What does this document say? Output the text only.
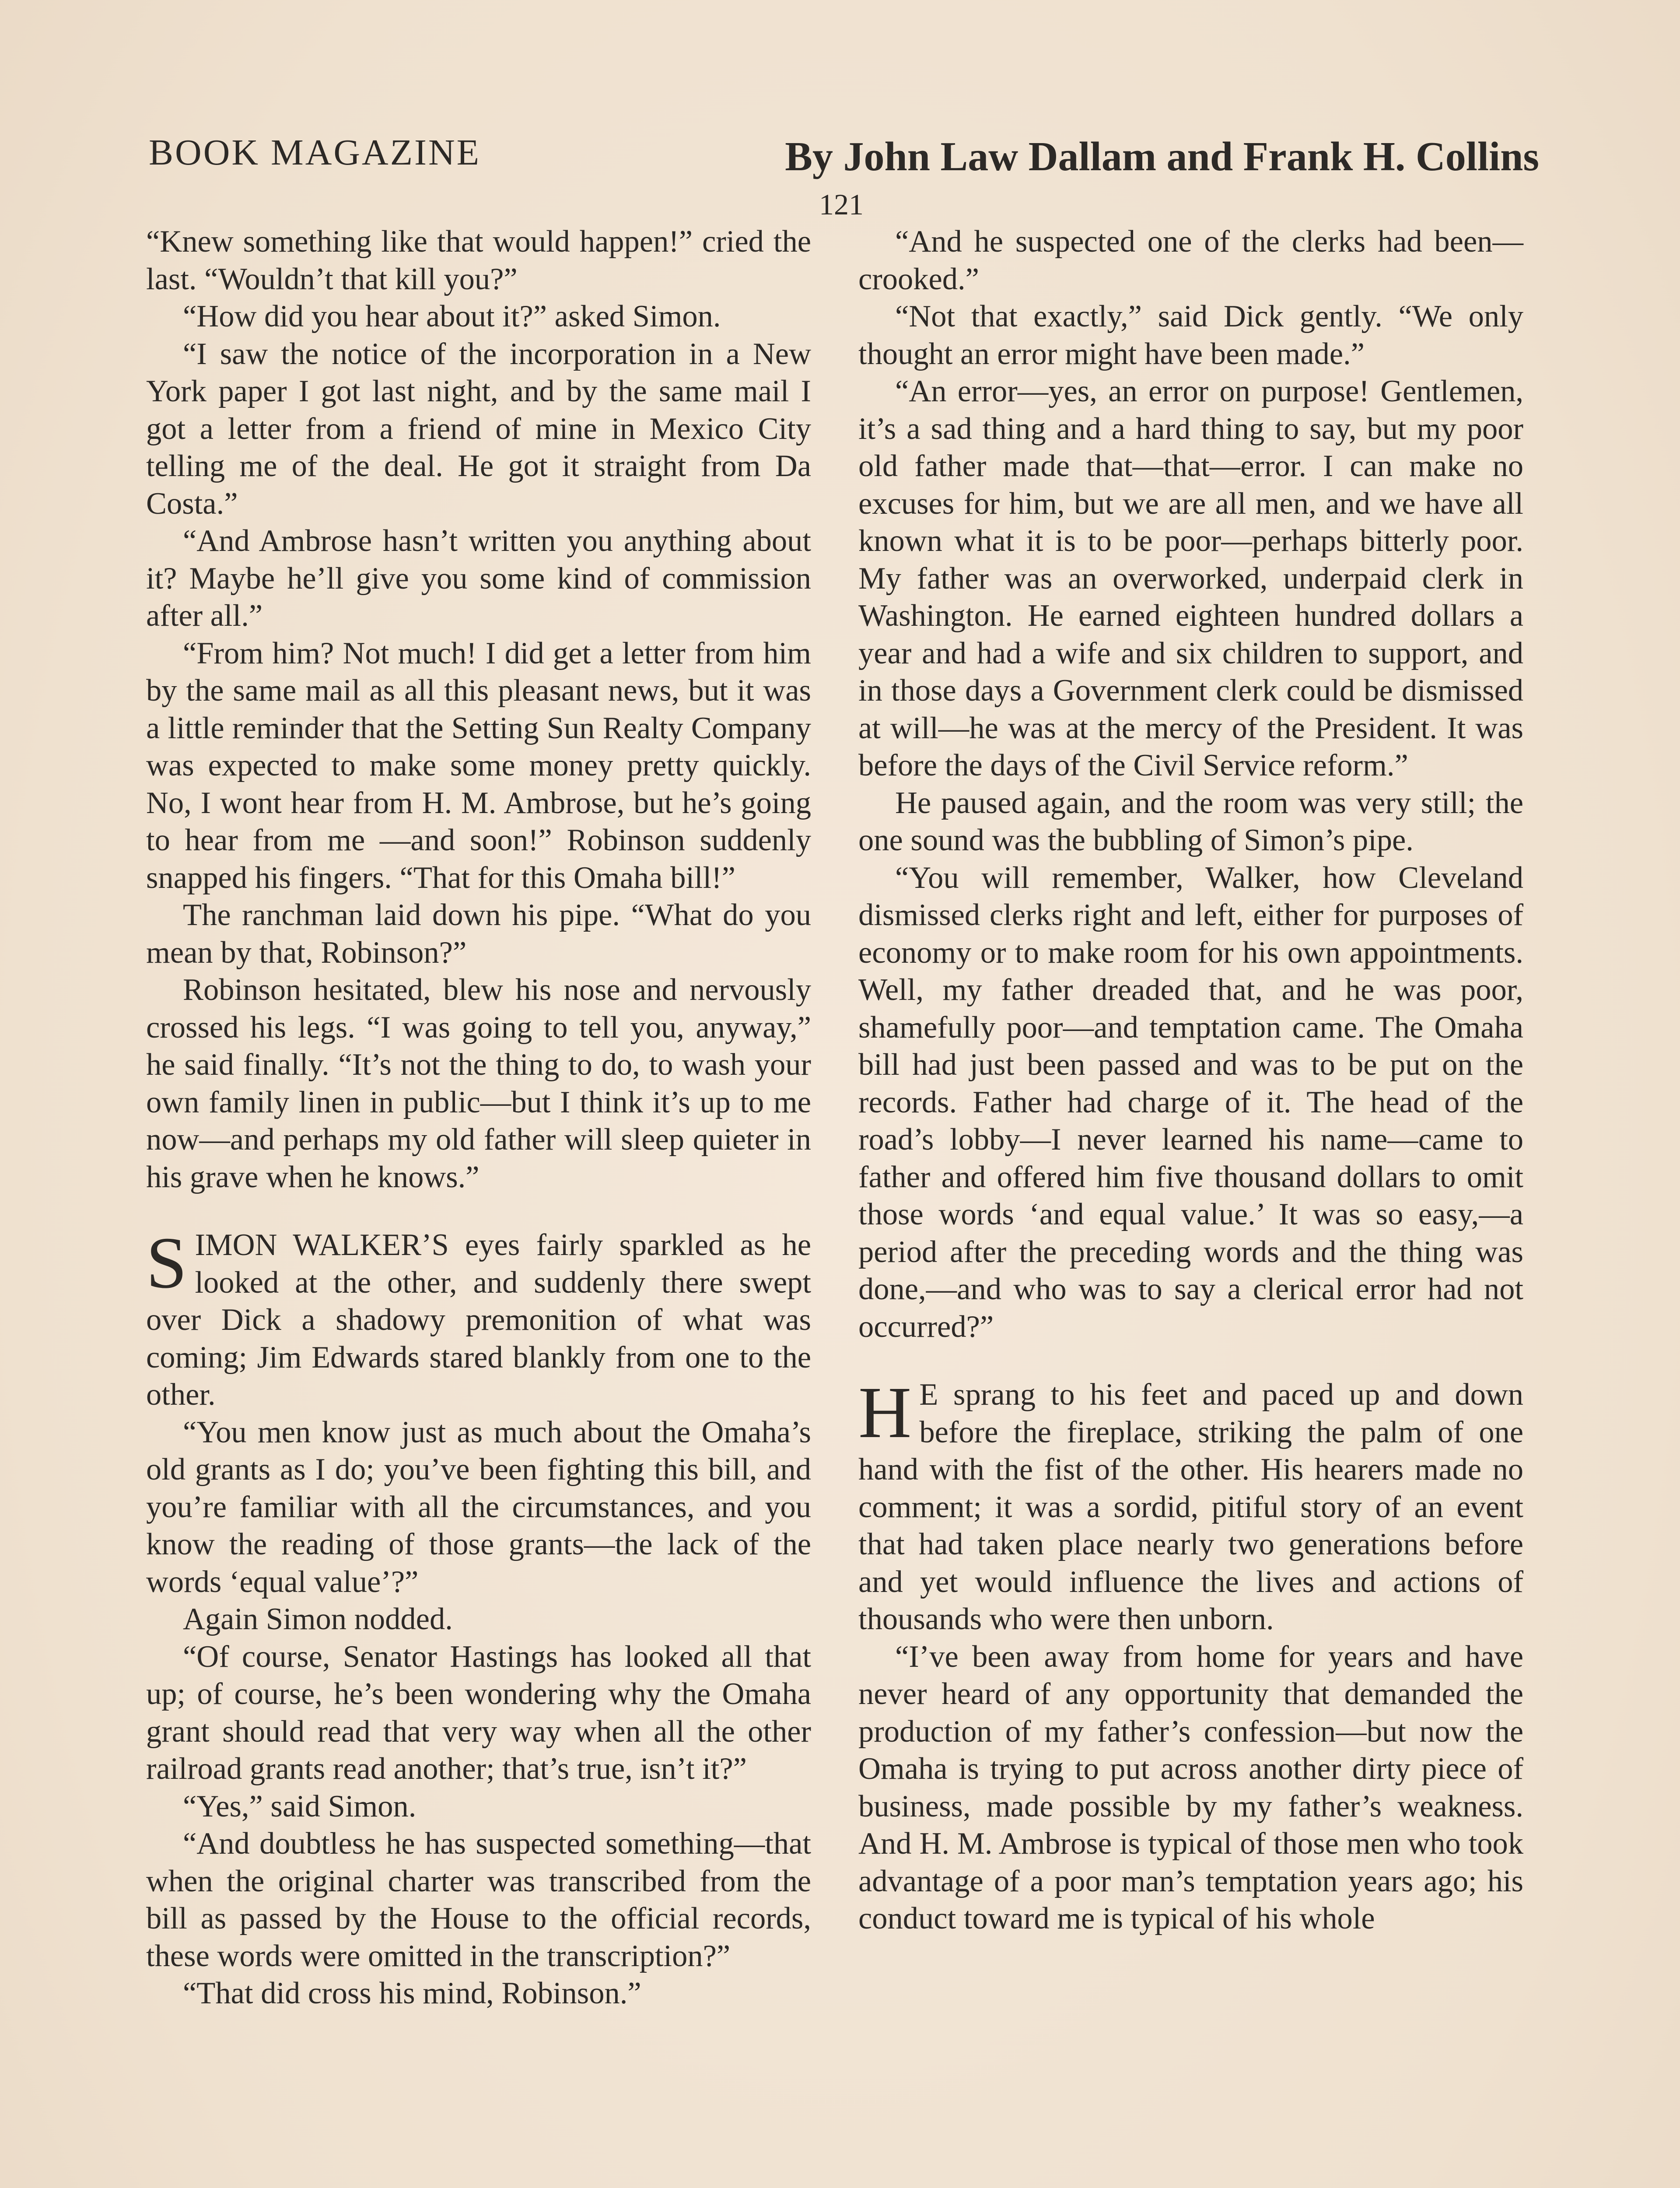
BOOK MAGAZINE	By John Law Dallam and Frank H. Collins
121

“Knew something like that would happen!” cried the last. “Wouldn’t that kill you?”

“How did you hear about it?” asked Simon.

“I saw the notice of the incorporation in a New York paper I got last night, and by the same mail I got a letter from a friend of mine in Mexico City telling me of the deal. He got it straight from Da Costa.”

“And Ambrose hasn’t written you anything about it? Maybe he’ll give you some kind of commission after all.”

“From him? Not much! I did get a letter from him by the same mail as all this pleasant news, but it was a little reminder that the Setting Sun Realty Company was expected to make some money pretty quickly. No, I wont hear from H. M. Ambrose, but he’s going to hear from me —and soon!” Robinson suddenly snapped his fingers. “That for this Omaha bill!”

The ranchman laid down his pipe. “What do you mean by that, Robinson?”

Robinson hesitated, blew his nose and nervously crossed his legs. “I was going to tell you, anyway,” he said finally. “It’s not the thing to do, to wash your own family linen in public—but I think it’s up to me now—and perhaps my old father will sleep quieter in his grave when he knows.”

SIMON WALKER’S eyes fairly sparkled as he looked at the other, and suddenly there swept over Dick a shadowy premonition of what was coming; Jim Edwards stared blankly from one to the other.

“You men know just as much about the Omaha’s old grants as I do; you’ve been fighting this bill, and you’re familiar with all the circumstances, and you know the reading of those grants—the lack of the words ‘equal value’?”

Again Simon nodded.

“Of course, Senator Hastings has looked all that up; of course, he’s been wondering why the Omaha grant should read that very way when all the other railroad grants read another; that’s true, isn’t it?”

“Yes,” said Simon.

“And doubtless he has suspected something—that when the original charter was transcribed from the bill as passed by the House to the official records, these words were omitted in the transcription?”

“That did cross his mind, Robinson.”

“And he suspected one of the clerks had been—crooked.”

“Not that exactly,” said Dick gently. “We only thought an error might have been made.”

“An error—yes, an error on purpose! Gentlemen, it’s a sad thing and a hard thing to say, but my poor old father made that—that—error. I can make no excuses for him, but we are all men, and we have all known what it is to be poor—perhaps bitterly poor. My father was an overworked, underpaid clerk in Washington. He earned eighteen hundred dollars a year and had a wife and six children to support, and in those days a Government clerk could be dismissed at will—he was at the mercy of the President. It was before the days of the Civil Service reform.”

He paused again, and the room was very still; the one sound was the bubbling of Simon’s pipe.

“You will remember, Walker, how Cleveland dismissed clerks right and left, either for purposes of economy or to make room for his own appointments. Well, my father dreaded that, and he was poor, shamefully poor—and temptation came. The Omaha bill had just been passed and was to be put on the records. Father had charge of it. The head of the road’s lobby—I never learned his name—came to father and offered him five thousand dollars to omit those words ‘and equal value.’ It was so easy,—a period after the preceding words and the thing was done,—and who was to say a clerical error had not occurred?”

HE sprang to his feet and paced up and down before the fireplace, striking the palm of one hand with the fist of the other. His hearers made no comment; it was a sordid, pitiful story of an event that had taken place nearly two generations before and yet would influence the lives and actions of thousands who were then unborn.

“I’ve been away from home for years and have never heard of any opportunity that demanded the production of my father’s confession—but now the Omaha is trying to put across another dirty piece of business, made possible by my father’s weakness. And H. M. Ambrose is typical of those men who took advantage of a poor man’s temptation years ago; his conduct toward me is typical of his whole
